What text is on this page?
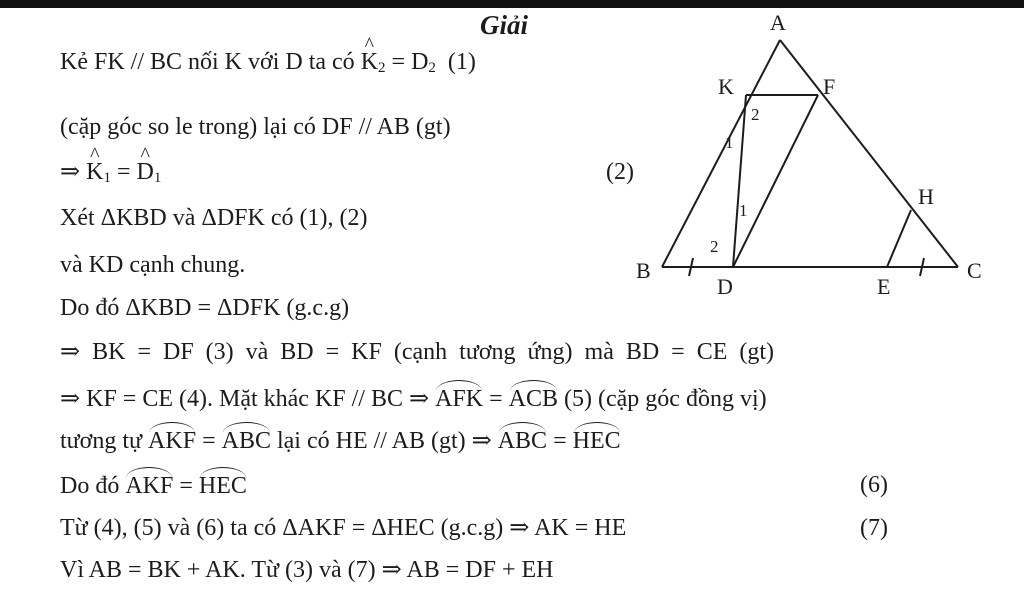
Giải
Kẻ FK // BC nối K với D ta có ^ $K_2 = D_2$  (1)
(cặp góc so le trong) lại có DF // AB (gt)
⇒ ^ $K_1$ = ^ $D_1$	(2)
Xét ΔKBD và ΔDFK có (1), (2)
và KD cạnh chung.
Do đó ΔKBD = ΔDFK (g.c.g)
⇒ BK = DF (3) và BD = KF (cạnh tương ứng) mà BD = CE (gt)
⇒ KF = CE (4). Mặt khác KF // BC ⇒ AFK = ACB (5) (cặp góc đồng vị)
tương tự AKF = ABC lại có HE // AB (gt) ⇒ ABC = HEC
Do đó AKF = HEC	(6)
Từ (4), (5) và (6) ta có ΔAKF = ΔHEC (g.c.g) ⇒ AK = HE	(7)
Vì AB = BK + AK. Từ (3) và (7) ⇒ AB = DF + EH
A
K	F
H
B	C
D	E
2
1
1
2
